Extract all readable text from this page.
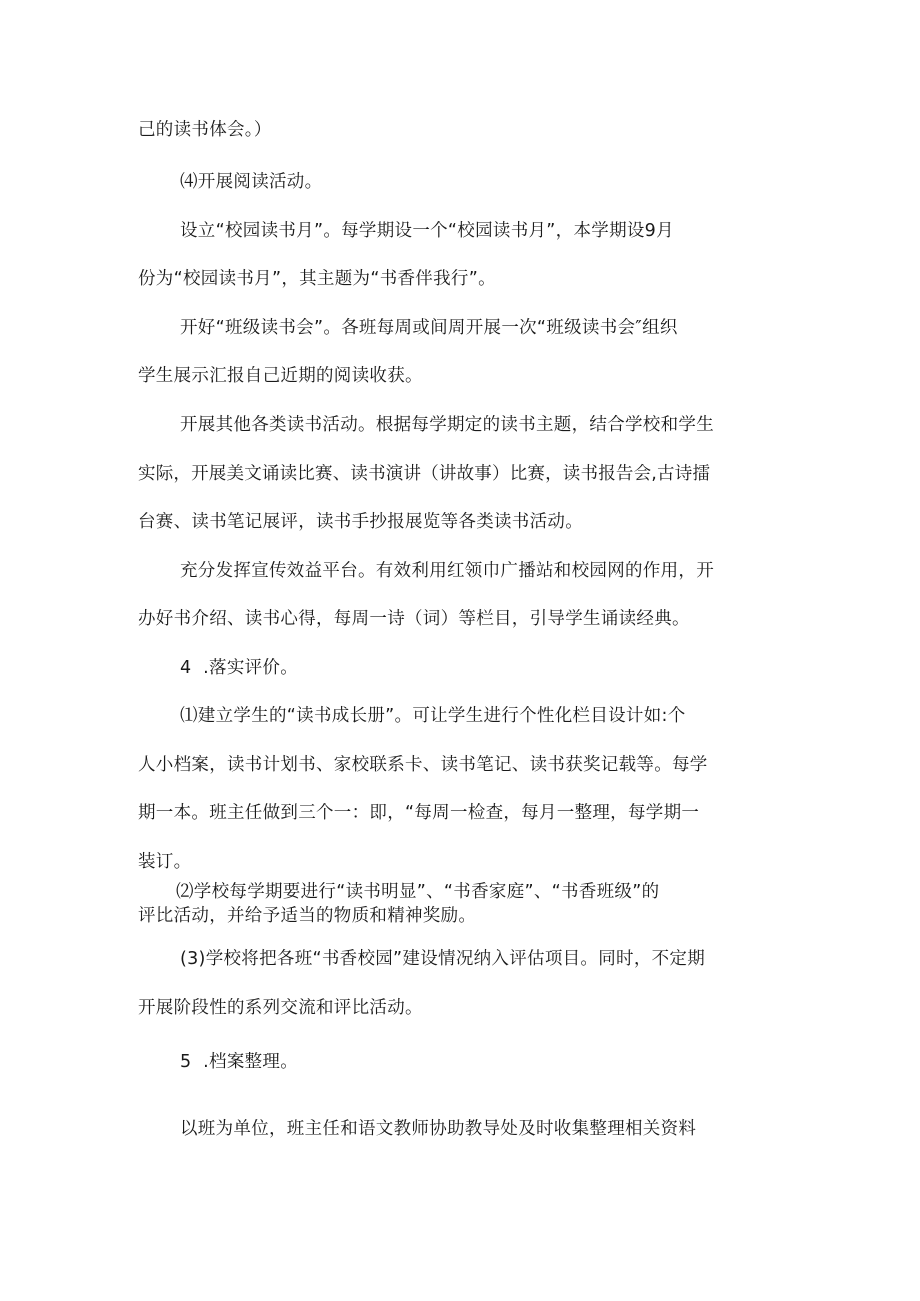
己的读书体会。）
⑷开展阅读活动。
设立“校园读书月”。每学期设一个“校园读书月”，本学期设9月
份为“校园读书月”，其主题为“书香伴我行”。
开好“班级读书会”。各班每周或间周开展一次“班级读书会″组织
学生展示汇报自己近期的阅读收获。
开展其他各类读书活动。根据每学期定的读书主题，结合学校和学生
实际，开展美文诵读比赛、读书演讲（讲故事）比赛，读书报告会,古诗擂
台赛、读书笔记展评，读书手抄报展览等各类读书活动。
充分发挥宣传效益平台。有效利用红领巾广播站和校园网的作用，开
办好书介绍、读书心得，每周一诗（词）等栏目，引导学生诵读经典。
4  .落实评价。
⑴建立学生的“读书成长册”。可让学生进行个性化栏目设计如:个
人小档案，读书计划书、家校联系卡、读书笔记、读书获奖记载等。每学
期一本。班主任做到三个一：即，“每周一检查，每月一整理，每学期一
装订。
⑵学校每学期要进行“读书明显”、“书香家庭”、“书香班级”的
评比活动，并给予适当的物质和精神奖励。
(3)学校将把各班“书香校园”建设情况纳入评估项目。同时，不定期
开展阶段性的系列交流和评比活动。
5  .档案整理。
以班为单位，班主任和语文教师协助教导处及时收集整理相关资料
